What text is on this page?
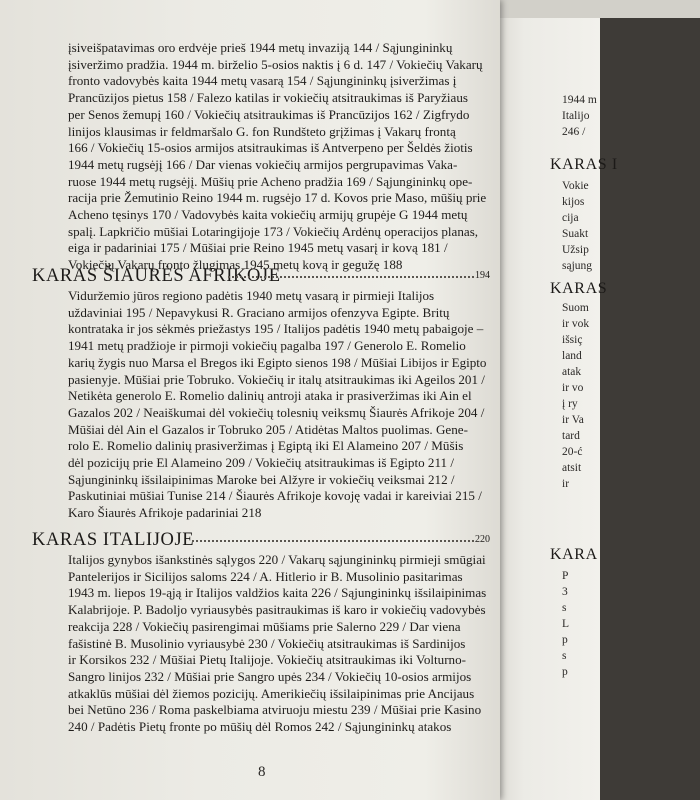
1944 m
Italijo
246 /
KARAS I
Vokie
kijos
cija
Suakt
Užsip
sąjung
KARAS
Suom
ir vok
išsiç
land
atak
ir vo
į ry
ir Va
tard
20-ć
atsit
ir
KARA
P
3
s
L
p
s
p
įsiveišpatavimas oro erdvėje prieš 1944 metų invaziją 144 / Sąjungininkų
įsiveržimo pradžia. 1944 m. birželio 5-osios naktis į 6 d. 147 / Vokiečių Vakarų
fronto vadovybės kaita 1944 metų vasarą 154 / Sąjungininkų įsiveržimas į
Prancūzijos pietus 158 / Falezo katilas ir vokiečių atsitraukimas iš Paryžiaus
per Senos žemupį 160 / Vokiečių atsitraukimas iš Prancūzijos 162 / Zigfrydo
linijos klausimas ir feldmaršalo G. fon Rundšteto grįžimas į Vakarų frontą
166 / Vokiečių 15-osios armijos atsitraukimas iš Antverpeno per Šeldės žiotis
1944 metų rugsėjį 166 / Dar vienas vokiečių armijos pergrupavimas Vaka-
ruose 1944 metų rugsėjį. Mūšių prie Acheno pradžia 169 / Sąjungininkų ope-
racija prie Žemutinio Reino 1944 m. rugsėjo 17 d. Kovos prie Maso, mūšių prie
Acheno tęsinys 170 / Vadovybės kaita vokiečių armijų grupėje G 1944 metų
spalį. Lapkričio mūšiai Lotaringijoje 173 / Vokiečių Ardėnų operacijos planas,
eiga ir padariniai 175 / Mūšiai prie Reino 1945 metų vasarį ir kovą 181 /
Vokiečių Vakarų fronto žlugimas 1945 metų kovą ir gegužę 188
KARAS ŠIAURĖS AFRIKOJE	194
Viduržemio jūros regiono padėtis 1940 metų vasarą ir pirmieji Italijos
uždaviniai 195 / Nepavykusi R. Graciano armijos ofenzyva Egipte. Britų
kontrataka ir jos sėkmės priežastys 195 / Italijos padėtis 1940 metų pabaigoje –
1941 metų pradžioje ir pirmoji vokiečių pagalba 197 / Generolo E. Romelio
karių žygis nuo Marsa el Bregos iki Egipto sienos 198 / Mūšiai Libijos ir Egipto
pasienyje. Mūšiai prie Tobruko. Vokiečių ir italų atsitraukimas iki Ageilos 201 /
Netikėta generolo E. Romelio dalinių antroji ataka ir prasiveržimas iki Ain el
Gazalos 202 / Neaiškumai dėl vokiečių tolesnių veiksmų Šiaurės Afrikoje 204 /
Mūšiai dėl Ain el Gazalos ir Tobruko 205 / Atidėtas Maltos puolimas. Gene-
rolo E. Romelio dalinių prasiveržimas į Egiptą iki El Alameino 207 / Mūšis
dėl pozicijų prie El Alameino 209 / Vokiečių atsitraukimas iš Egipto 211 /
Sąjungininkų išsilaipinimas Maroke bei Alžyre ir vokiečių veiksmai 212 /
Paskutiniai mūšiai Tunise 214 / Šiaurės Afrikoje kovoję vadai ir kareiviai 215 /
Karo Šiaurės Afrikoje padariniai 218
KARAS ITALIJOJE	220
Italijos gynybos išankstinės sąlygos 220 / Vakarų sąjungininkų pirmieji smūgiai
Pantelerijos ir Sicilijos saloms 224 / A. Hitlerio ir B. Musolinio pasitarimas
1943 m. liepos 19-ąją ir Italijos valdžios kaita 226 / Sąjungininkų išsilaipinimas
Kalabrijoje. P. Badoljo vyriausybės pasitraukimas iš karo ir vokiečių vadovybės
reakcija 228 / Vokiečių pasirengimai mūšiams prie Salerno 229 / Dar viena
fašistinė B. Musolinio vyriausybė 230 / Vokiečių atsitraukimas iš Sardinijos
ir Korsikos 232 / Mūšiai Pietų Italijoje. Vokiečių atsitraukimas iki Volturno-
Sangro linijos 232 / Mūšiai prie Sangro upės 234 / Vokiečių 10-osios armijos
atkaklūs mūšiai dėl žiemos pozicijų. Amerikiečių išsilaipinimas prie Ancijaus
bei Netūno 236 / Roma paskelbiama atviruoju miestu 239 / Mūšiai prie Kasino
240 / Padėtis Pietų fronte po mūšių dėl Romos 242 / Sąjungininkų atakos
8
